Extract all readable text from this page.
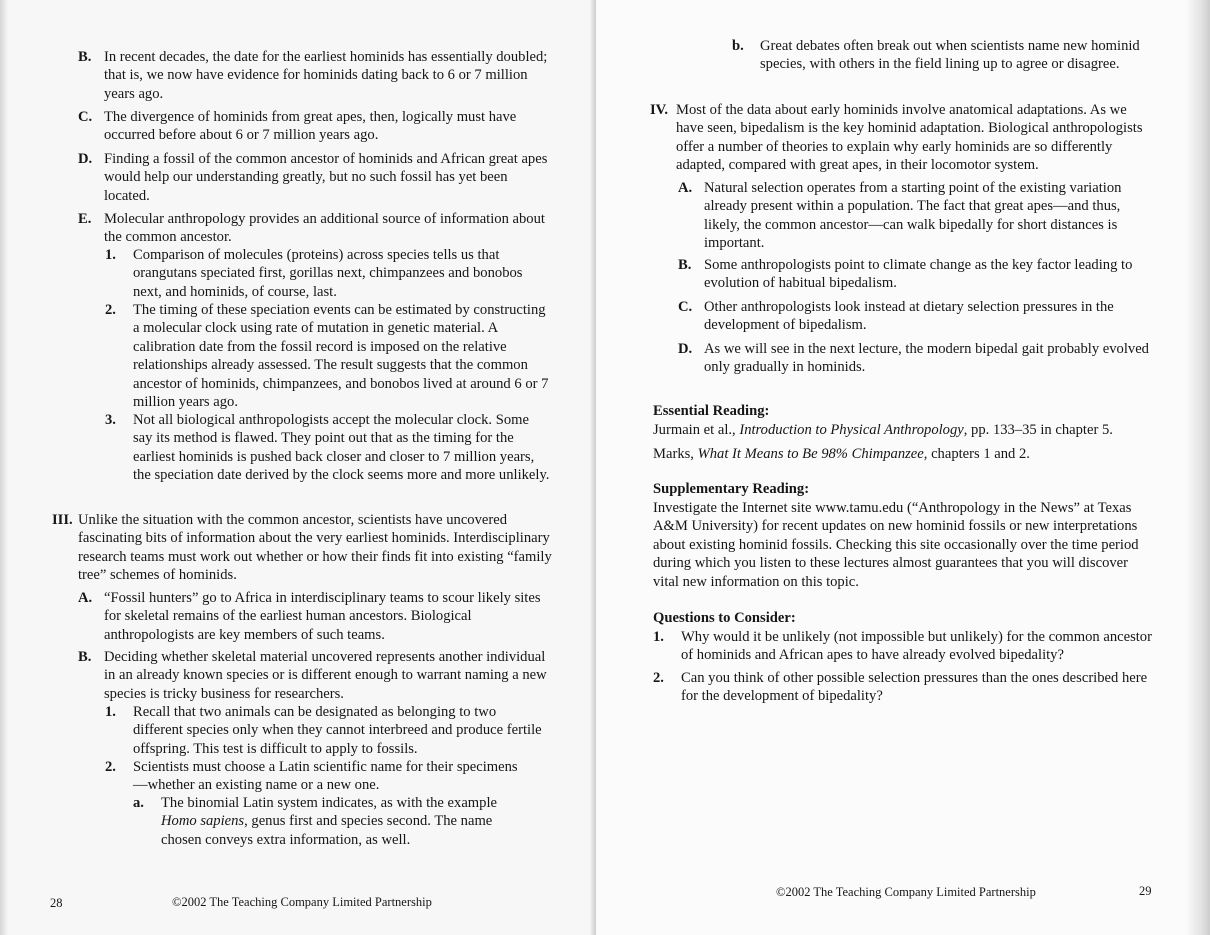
B. In recent decades, the date for the earliest hominids has essentially doubled; that is, we now have evidence for hominids dating back to 6 or 7 million years ago.
C. The divergence of hominids from great apes, then, logically must have occurred before about 6 or 7 million years ago.
D. Finding a fossil of the common ancestor of hominids and African great apes would help our understanding greatly, but no such fossil has yet been located.
E. Molecular anthropology provides an additional source of information about the common ancestor.
1.	Comparison of molecules (proteins) across species tells us that orangutans speciated first, gorillas next, chimpanzees and bonobos next, and hominids, of course, last.
2.	The timing of these speciation events can be estimated by constructing a molecular clock using rate of mutation in genetic material. A calibration date from the fossil record is imposed on the relative relationships already assessed. The result suggests that the common ancestor of hominids, chimpanzees, and bonobos lived at around 6 or 7 million years ago.
3.	Not all biological anthropologists accept the molecular clock. Some say its method is flawed. They point out that as the timing for the earliest hominids is pushed back closer and closer to 7 million years, the speciation date derived by the clock seems more and more unlikely.
III. Unlike the situation with the common ancestor, scientists have uncovered fascinating bits of information about the very earliest hominids. Interdisciplinary research teams must work out whether or how their finds fit into existing “family tree” schemes of hominids.
A. “Fossil hunters” go to Africa in interdisciplinary teams to scour likely sites for skeletal remains of the earliest human ancestors. Biological anthropologists are key members of such teams.
B. Deciding whether skeletal material uncovered represents another individual in an already known species or is different enough to warrant naming a new species is tricky business for researchers.
1.	Recall that two animals can be designated as belonging to two different species only when they cannot interbreed and produce fertile offspring. This test is difficult to apply to fossils.
2.	Scientists must choose a Latin scientific name for their specimens—whether an existing name or a new one.
a.	The binomial Latin system indicates, as with the example Homo sapiens, genus first and species second. The name chosen conveys extra information, as well.
28	©2002 The Teaching Company Limited Partnership
b.	Great debates often break out when scientists name new hominid species, with others in the field lining up to agree or disagree.
IV. Most of the data about early hominids involve anatomical adaptations. As we have seen, bipedalism is the key hominid adaptation. Biological anthropologists offer a number of theories to explain why early hominids are so differently adapted, compared with great apes, in their locomotor system.
A. Natural selection operates from a starting point of the existing variation already present within a population. The fact that great apes—and thus, likely, the common ancestor—can walk bipedally for short distances is important.
B. Some anthropologists point to climate change as the key factor leading to evolution of habitual bipedalism.
C. Other anthropologists look instead at dietary selection pressures in the development of bipedalism.
D. As we will see in the next lecture, the modern bipedal gait probably evolved only gradually in hominids.
Essential Reading:
Jurmain et al., Introduction to Physical Anthropology, pp. 133–35 in chapter 5.
Marks, What It Means to Be 98% Chimpanzee, chapters 1 and 2.
Supplementary Reading:
Investigate the Internet site www.tamu.edu (“Anthropology in the News” at Texas A&M University) for recent updates on new hominid fossils or new interpretations about existing hominid fossils. Checking this site occasionally over the time period during which you listen to these lectures almost guarantees that you will discover vital new information on this topic.
Questions to Consider:
1.	Why would it be unlikely (not impossible but unlikely) for the common ancestor of hominids and African apes to have already evolved bipedality?
2.	Can you think of other possible selection pressures than the ones described here for the development of bipedality?
©2002 The Teaching Company Limited Partnership	29
